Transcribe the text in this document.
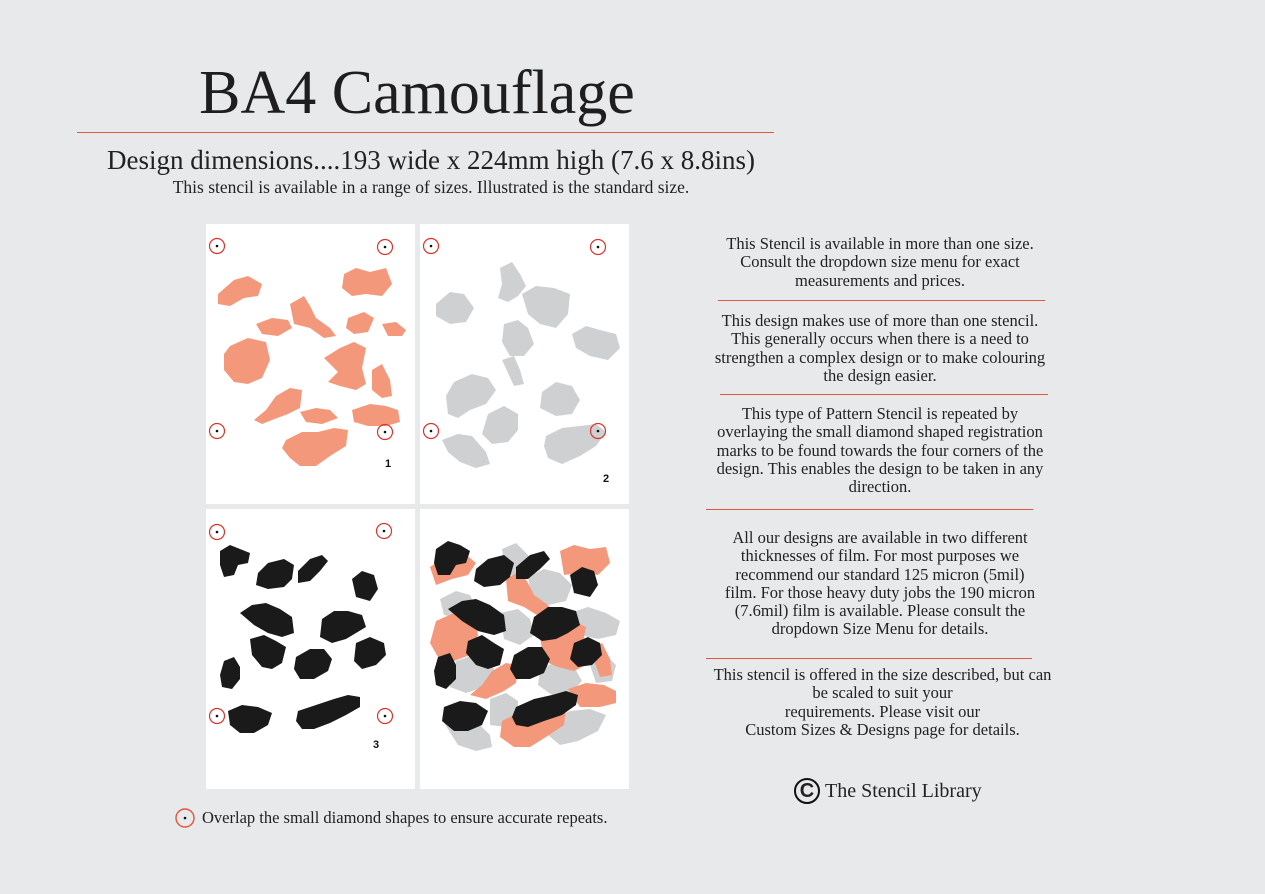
BA4 Camouflage
Design dimensions....193 wide x 224mm high (7.6 x 8.8ins)
This stencil is available in a range of sizes. Illustrated is the standard size.
1
2
3
This Stencil is available in more than one size.
Consult the dropdown size menu for exact
measurements and prices.
This design makes use of more than one stencil.
This generally occurs when there is a need to
strengthen a complex design or to make colouring
the design easier.
This type of Pattern Stencil is repeated by
overlaying the small diamond shaped registration
marks to be found towards the four corners of the
design. This enables the design to be taken in any
direction.
All our designs are available in two different
thicknesses of film. For most purposes we
recommend our standard 125 micron (5mil)
film. For those heavy duty jobs the 190 micron
(7.6mil) film is available. Please consult the
dropdown Size Menu for details.
This stencil is offered in the size described, but can
be scaled to suit your
requirements. Please visit our
Custom Sizes & Designs page for details.
C The Stencil Library
Overlap the small diamond shapes to ensure accurate repeats.
